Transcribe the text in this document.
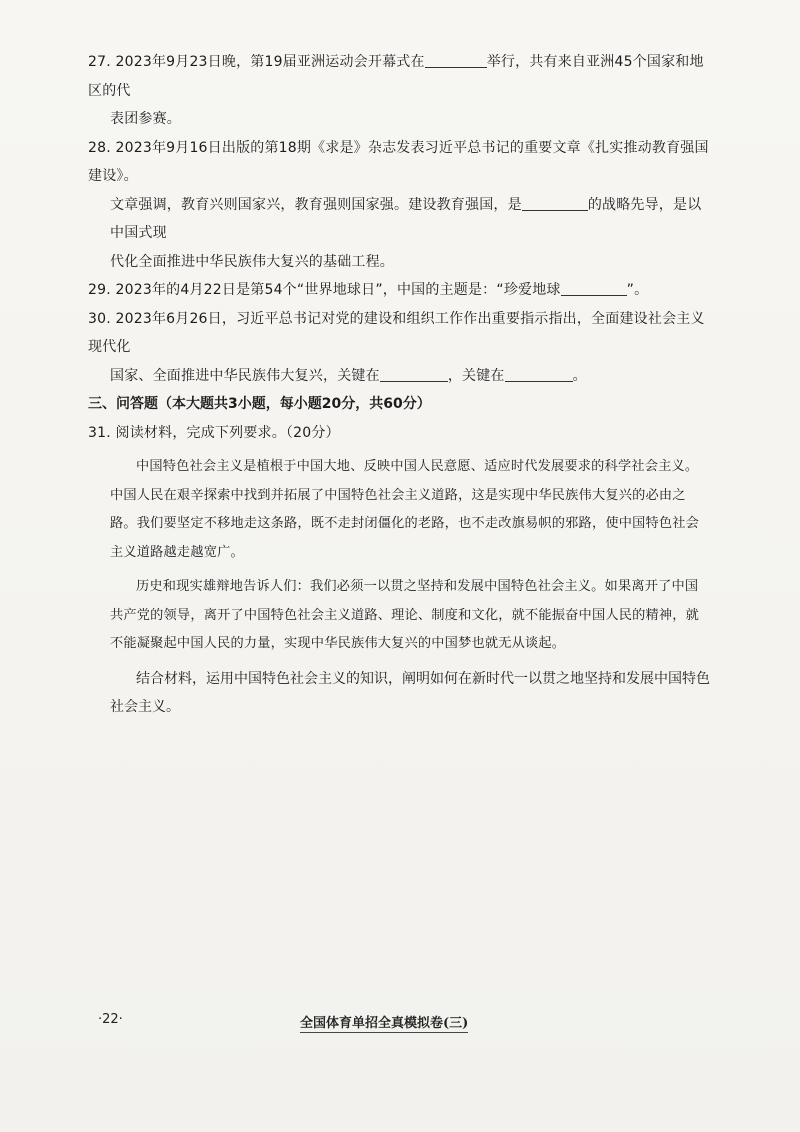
27. 2023年9月23日晚，第19届亚洲运动会开幕式在	举行，共有来自亚洲45个国家和地区的代
表团参赛。
28. 2023年9月16日出版的第18期《求是》杂志发表习近平总书记的重要文章《扎实推动教育强国建设》。
文章强调，教育兴则国家兴，教育强则国家强。建设教育强国，是	的战略先导，是以中国式现
代化全面推进中华民族伟大复兴的基础工程。
29. 2023年的4月22日是第54个“世界地球日”，中国的主题是：“珍爱地球	”。
30. 2023年6月26日，习近平总书记对党的建设和组织工作作出重要指示指出，全面建设社会主义现代化
国家、全面推进中华民族伟大复兴，关键在	，关键在	。
三、问答题（本大题共3小题，每小题20分，共60分）
31. 阅读材料，完成下列要求。（20分）

中国特色社会主义是植根于中国大地、反映中国人民意愿、适应时代发展要求的科学社会主义。中国人民在艰辛探索中找到并拓展了中国特色社会主义道路，这是实现中华民族伟大复兴的必由之路。我们要坚定不移地走这条路，既不走封闭僵化的老路，也不走改旗易帜的邪路，使中国特色社会主义道路越走越宽广。

历史和现实雄辩地告诉人们：我们必须一以贯之坚持和发展中国特色社会主义。如果离开了中国共产党的领导，离开了中国特色社会主义道路、理论、制度和文化，就不能振奋中国人民的精神，就不能凝聚起中国人民的力量，实现中华民族伟大复兴的中国梦也就无从谈起。

结合材料，运用中国特色社会主义的知识，阐明如何在新时代一以贯之地坚持和发展中国特色社会主义。
·22·	全国体育单招全真模拟卷(三)
